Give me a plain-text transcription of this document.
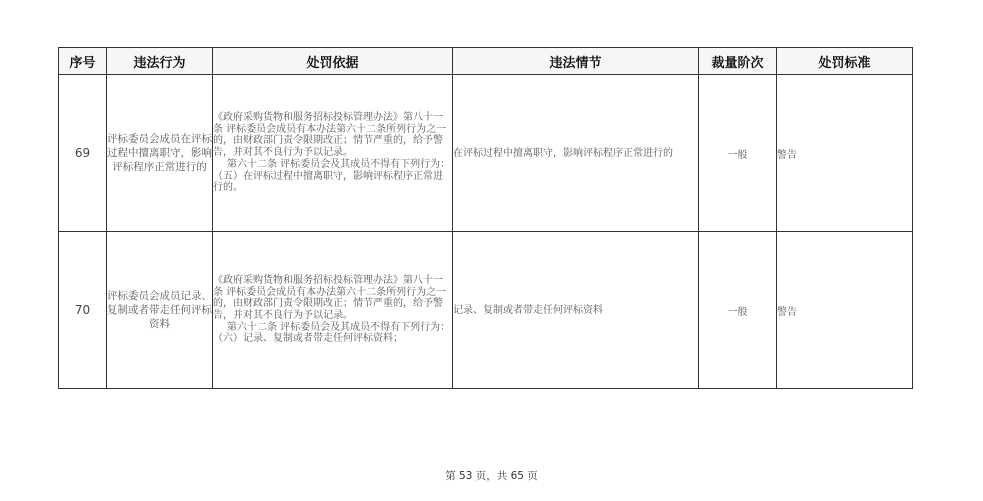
序号	违法行为	处罚依据	违法情节	裁量阶次	处罚标准
69	评标委员会成员在评标过程中擅离职守，影响评标程序正常进行的	《政府采购货物和服务招标投标管理办法》第八十一条 评标委员会成员有本办法第六十二条所列行为之一的，由财政部门责令限期改正；情节严重的，给予警告，并对其不良行为予以记录。

第六十二条 评标委员会及其成员不得有下列行为：（五）在评标过程中擅离职守，影响评标程序正常进行的。	在评标过程中擅离职守，影响评标程序正常进行的	一般	警告
70	评标委员会成员记录、复制或者带走任何评标资料	《政府采购货物和服务招标投标管理办法》第八十一条 评标委员会成员有本办法第六十二条所列行为之一的，由财政部门责令限期改正；情节严重的，给予警告，并对其不良行为予以记录。

第六十二条 评标委员会及其成员不得有下列行为：（六）记录、复制或者带走任何评标资料；	记录、复制或者带走任何评标资料	一般	警告
第 53 页，共 65 页
